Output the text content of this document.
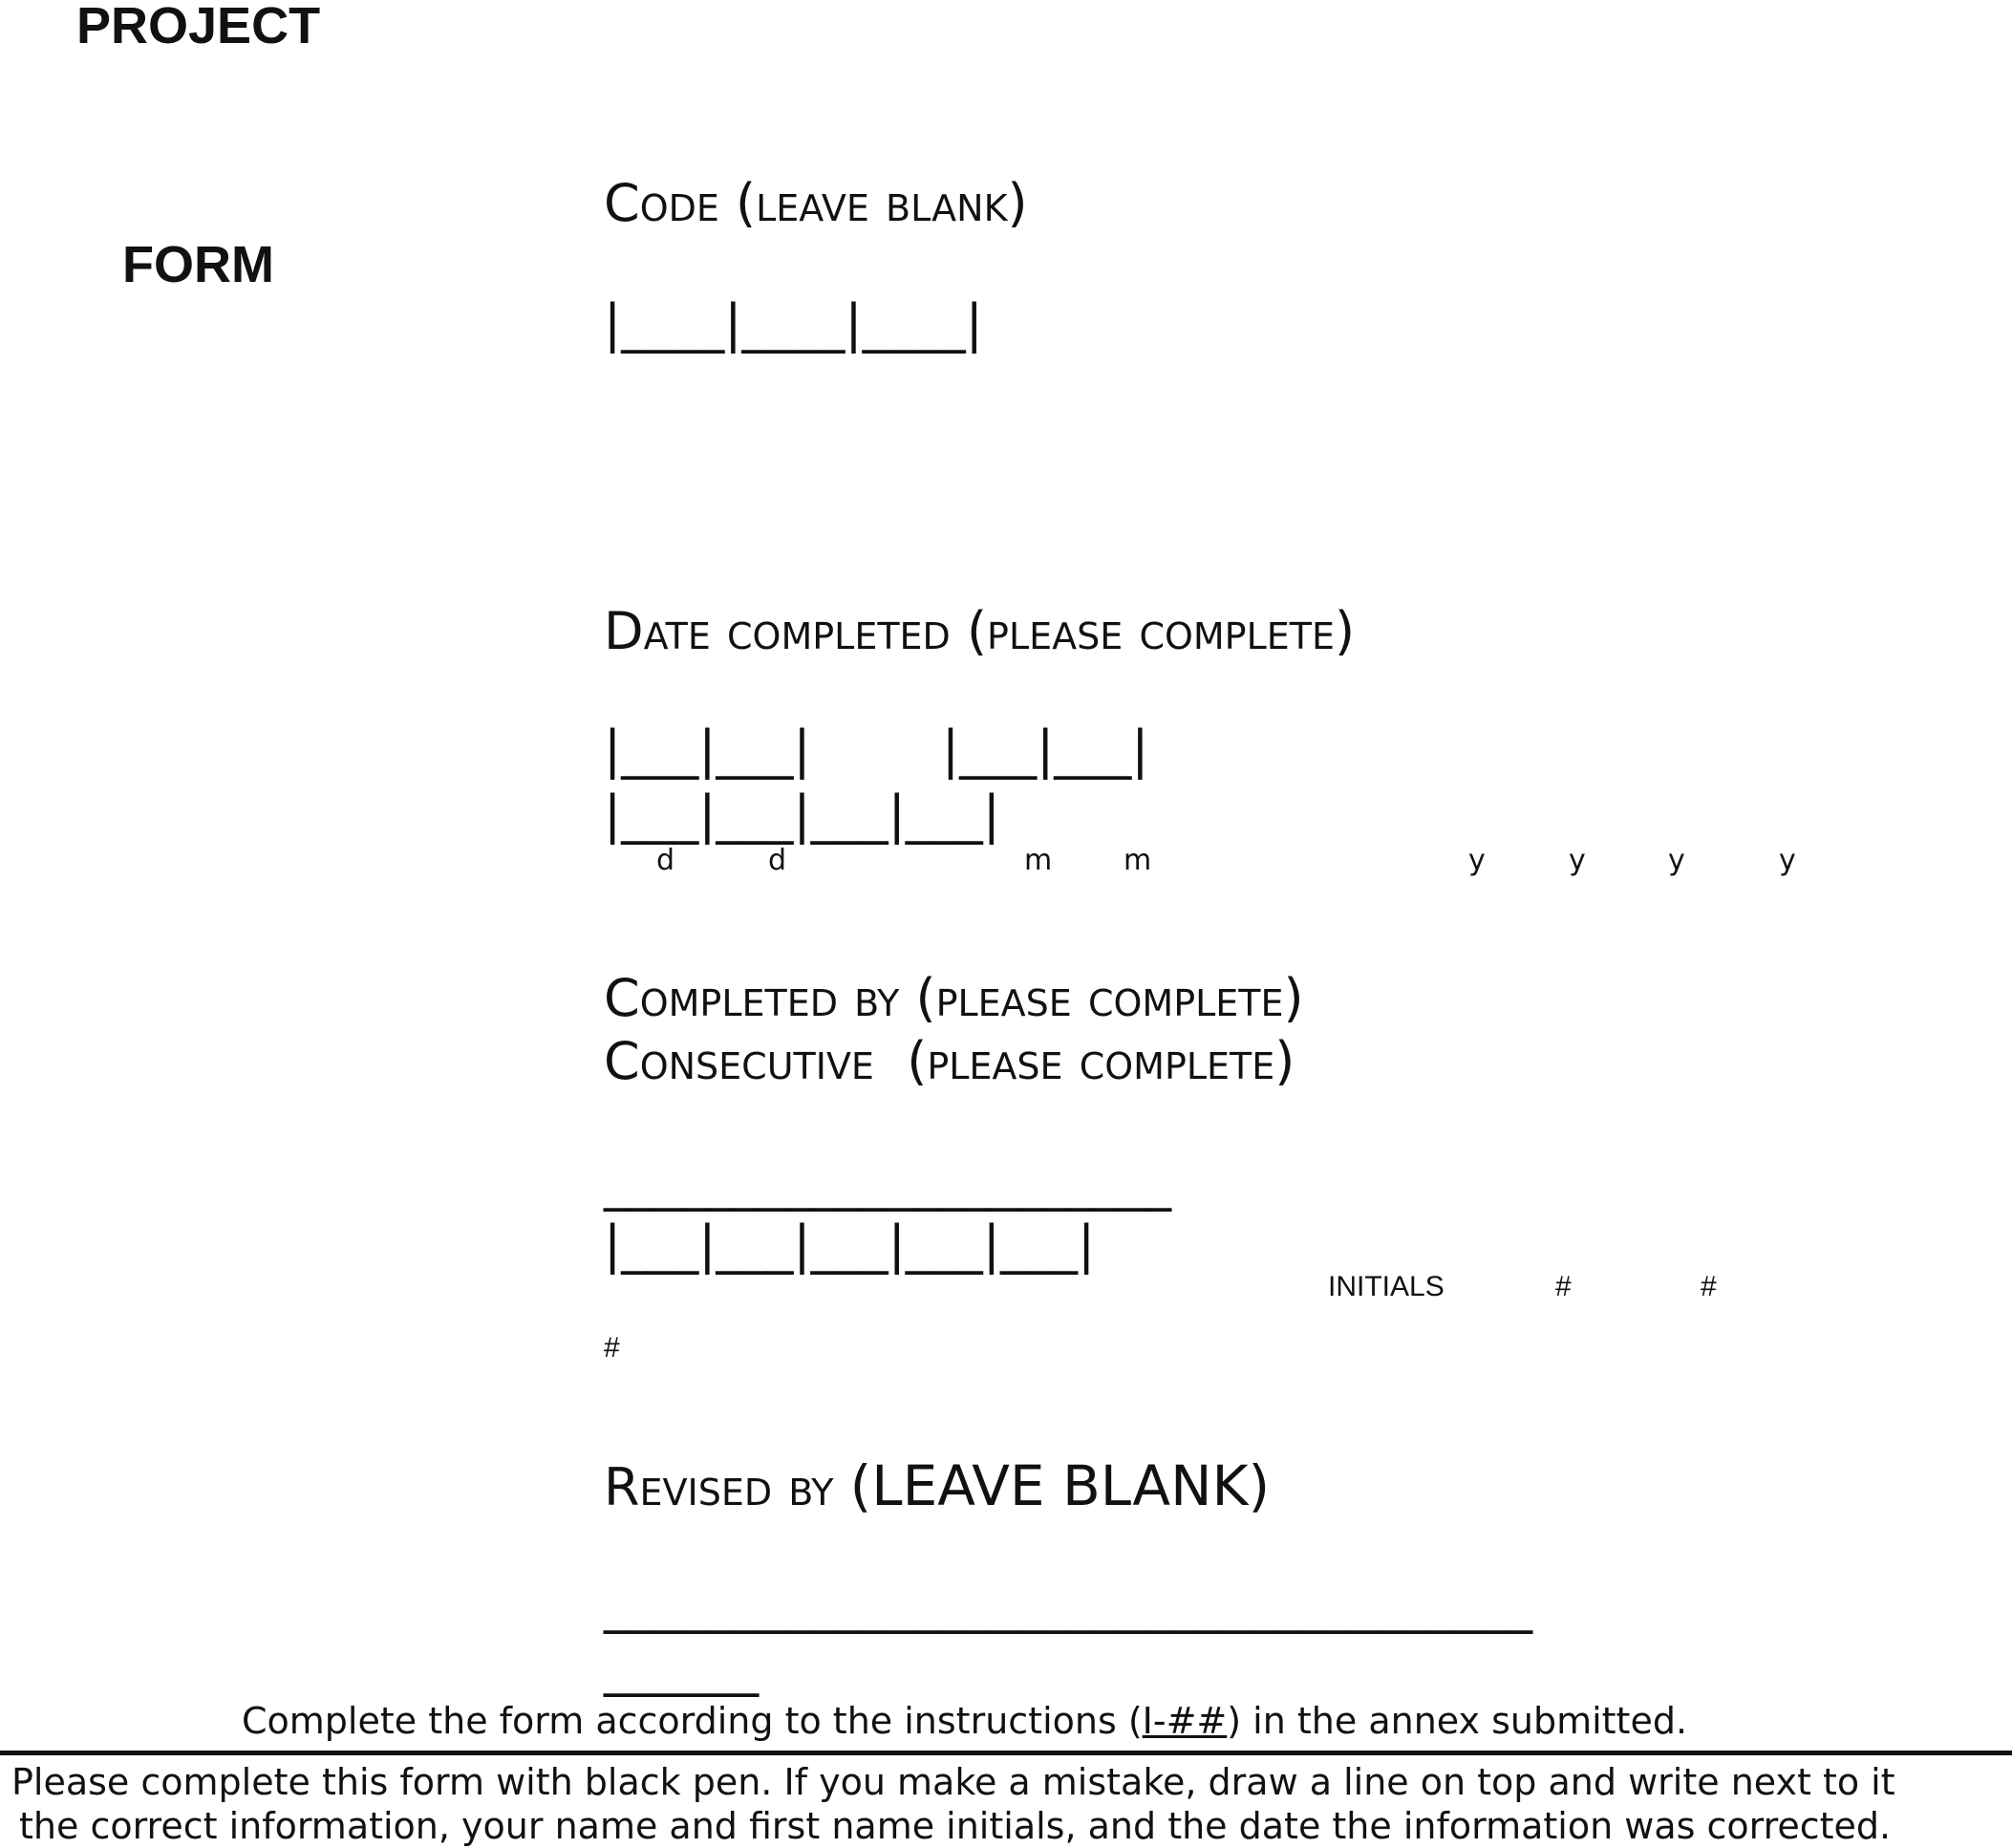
PROJECT
FORM
Code (leave blank)
|____|____|____|
Date completed (please complete)
|___|___|        |___|___|
|___|___|___|___|
d	d	m m	y	y	y	y
Completed by (please complete)
Consecutive  (please complete)
______________________
|___|___|___|___|___|
INITIALS	#	#
#
Revised by (LEAVE BLANK)
____________________________________
______
Complete the form according to the instructions (I-##) in the annex submitted.
Please complete this form with black pen. If you make a mistake, draw a line on top and write next to it
the correct information, your name and first name initials, and the date the information was corrected.
